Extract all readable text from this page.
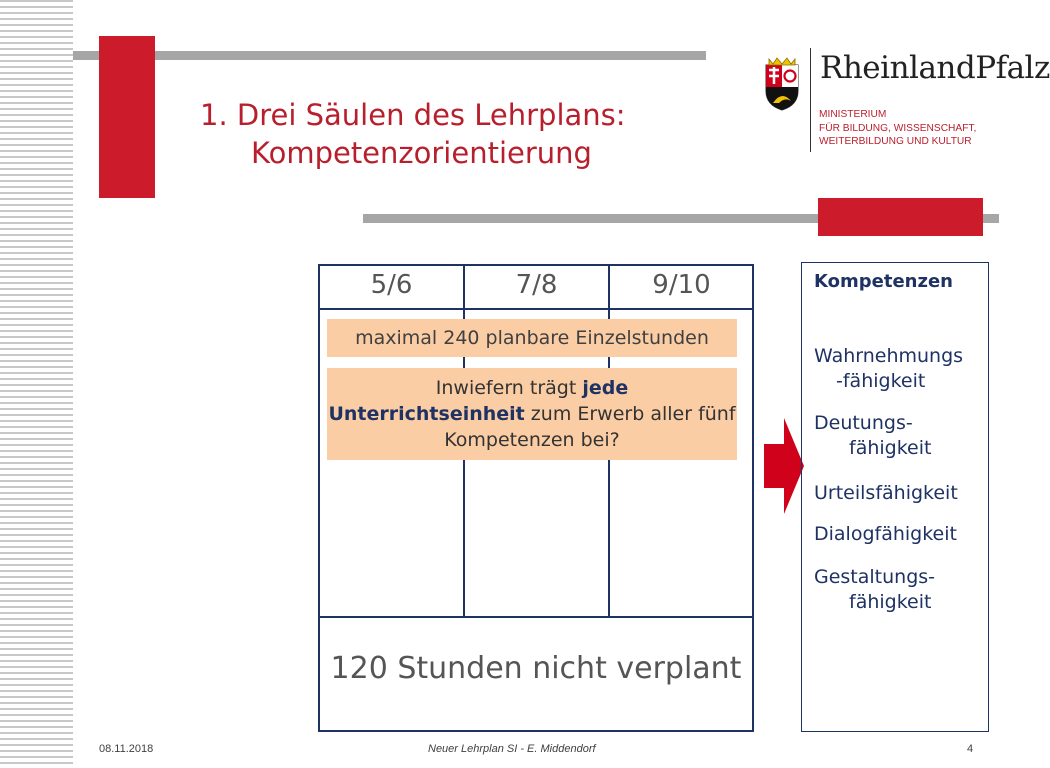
1. Drei Säulen des Lehrplans:
Kompetenzorientierung
RheinlandPfalz
MINISTERIUM
FÜR BILDUNG, WISSENSCHAFT,
WEITERBILDUNG UND KULTUR
5/6	7/8	9/10
120 Stunden nicht verplant
maximal 240 planbare Einzelstunden
Inwiefern trägt jede
Unterrichtseinheit zum Erwerb aller fünf Kompetenzen bei?
Kompetenzen
Wahrnehmungs
-fähigkeit
Deutungs-
fähigkeit
Urteilsfähigkeit
Dialogfähigkeit
Gestaltungs-
fähigkeit
08.11.2018	Neuer Lehrplan SI - E. Middendorf	4
